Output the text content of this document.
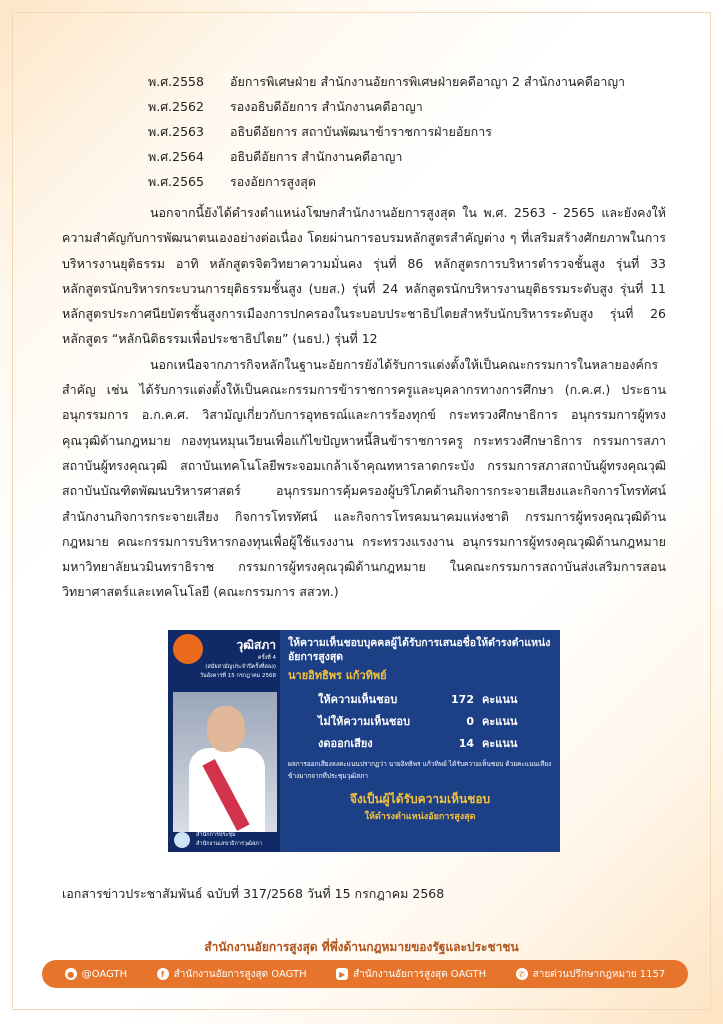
พ.ศ.2558	อัยการพิเศษฝ่าย สำนักงานอัยการพิเศษฝ่ายคดีอาญา 2 สำนักงานคดีอาญา
พ.ศ.2562	รองอธิบดีอัยการ สำนักงานคดีอาญา
พ.ศ.2563	อธิบดีอัยการ สถาบันพัฒนาข้าราชการฝ่ายอัยการ
พ.ศ.2564	อธิบดีอัยการ สำนักงานคดีอาญา
พ.ศ.2565	รองอัยการสูงสุด

นอกจากนี้ยังได้ดำรงตำแหน่งโฆษกสำนักงานอัยการสูงสุด ใน พ.ศ. 2563 - 2565 และยังคงให้ความสำคัญกับการพัฒนาตนเองอย่างต่อเนื่อง โดยผ่านการอบรมหลักสูตรสำคัญต่าง ๆ ที่เสริมสร้างศักยภาพในการบริหารงานยุติธรรม อาทิ หลักสูตรจิตวิทยาความมั่นคง รุ่นที่ 86 หลักสูตรการบริหารตำรวจชั้นสูง รุ่นที่ 33 หลักสูตรนักบริหารกระบวนการยุติธรรมชั้นสูง (บยส.) รุ่นที่ 24 หลักสูตรนักบริหารงานยุติธรรมระดับสูง รุ่นที่ 11 หลักสูตรประกาศนียบัตรชั้นสูงการเมืองการปกครองในระบอบประชาธิปไตยสำหรับนักบริหารระดับสูง รุ่นที่ 26 หลักสูตร “หลักนิติธรรมเพื่อประชาธิปไตย” (นธป.) รุ่นที่ 12

นอกเหนือจากภารกิจหลักในฐานะอัยการยังได้รับการแต่งตั้งให้เป็นคณะกรรมการในหลายองค์กรสำคัญ เช่น ได้รับการแต่งตั้งให้เป็นคณะกรรมการข้าราชการครูและบุคลากรทางการศึกษา (ก.ค.ศ.) ประธานอนุกรรมการ อ.ก.ค.ศ. วิสามัญเกี่ยวกับการอุทธรณ์และการร้องทุกข์ กระทรวงศึกษาธิการ อนุกรรมการผู้ทรงคุณวุฒิด้านกฎหมาย กองทุนหมุนเวียนเพื่อแก้ไขปัญหาหนี้สินข้าราชการครู กระทรวงศึกษาธิการ กรรมการสภาสถาบันผู้ทรงคุณวุฒิ สถาบันเทคโนโลยีพระจอมเกล้าเจ้าคุณทหารลาดกระบัง กรรมการสภาสถาบันผู้ทรงคุณวุฒิ สถาบันบัณฑิตพัฒนบริหารศาสตร์ อนุกรรมการคุ้มครองผู้บริโภคด้านกิจการกระจายเสียงและกิจการโทรทัศน์ สำนักงานกิจการกระจายเสียง กิจการโทรทัศน์ และกิจการโทรคมนาคมแห่งชาติ กรรมการผู้ทรงคุณวุฒิด้านกฎหมาย คณะกรรมการบริหารกองทุนเพื่อผู้ใช้แรงงาน กระทรวงแรงงาน อนุกรรมการผู้ทรงคุณวุฒิด้านกฎหมาย มหาวิทยาลัยนวมินทราธิราช กรรมการผู้ทรงคุณวุฒิด้านกฎหมาย ในคณะกรรมการสถาบันส่งเสริมการสอนวิทยาศาสตร์และเทคโนโลยี (คณะกรรมการ สสวท.)

วุฒิสภา
ครั้งที่ 4
(สมัยสามัญประจำปีครั้งที่สอง)
วันอังคารที่ 15 กรกฎาคม 2568
สำนักการประชุม
สำนักงานเลขาธิการวุฒิสภา
ให้ความเห็นชอบบุคคลผู้ได้รับการเสนอชื่อให้ดำรงตำแหน่งอัยการสูงสุด
นายอิทธิพร แก้วทิพย์
ให้ความเห็นชอบ	172 คะแนน
ไม่ให้ความเห็นชอบ	0 คะแนน
งดออกเสียง	14 คะแนน
ผลการออกเสียงลงคะแนนปรากฏว่า นายอิทธิพร แก้วทิพย์ ได้รับความเห็นชอบ ด้วยคะแนนเสียงข้างมากจากที่ประชุมวุฒิสภา
จึงเป็นผู้ได้รับความเห็นชอบ
ให้ดำรงตำแหน่งอัยการสูงสุด
เอกสารข่าวประชาสัมพันธ์ ฉบับที่ 317/2568 วันที่ 15 กรกฎาคม 2568
สำนักงานอัยการสูงสุด ที่พึ่งด้านกฎหมายของรัฐและประชาชน
● @OAGTH	f สำนักงานอัยการสูงสุด OAGTH	▶ สำนักงานอัยการสูงสุด OAGTH	✆ สายด่วนปรึกษากฎหมาย 1157
